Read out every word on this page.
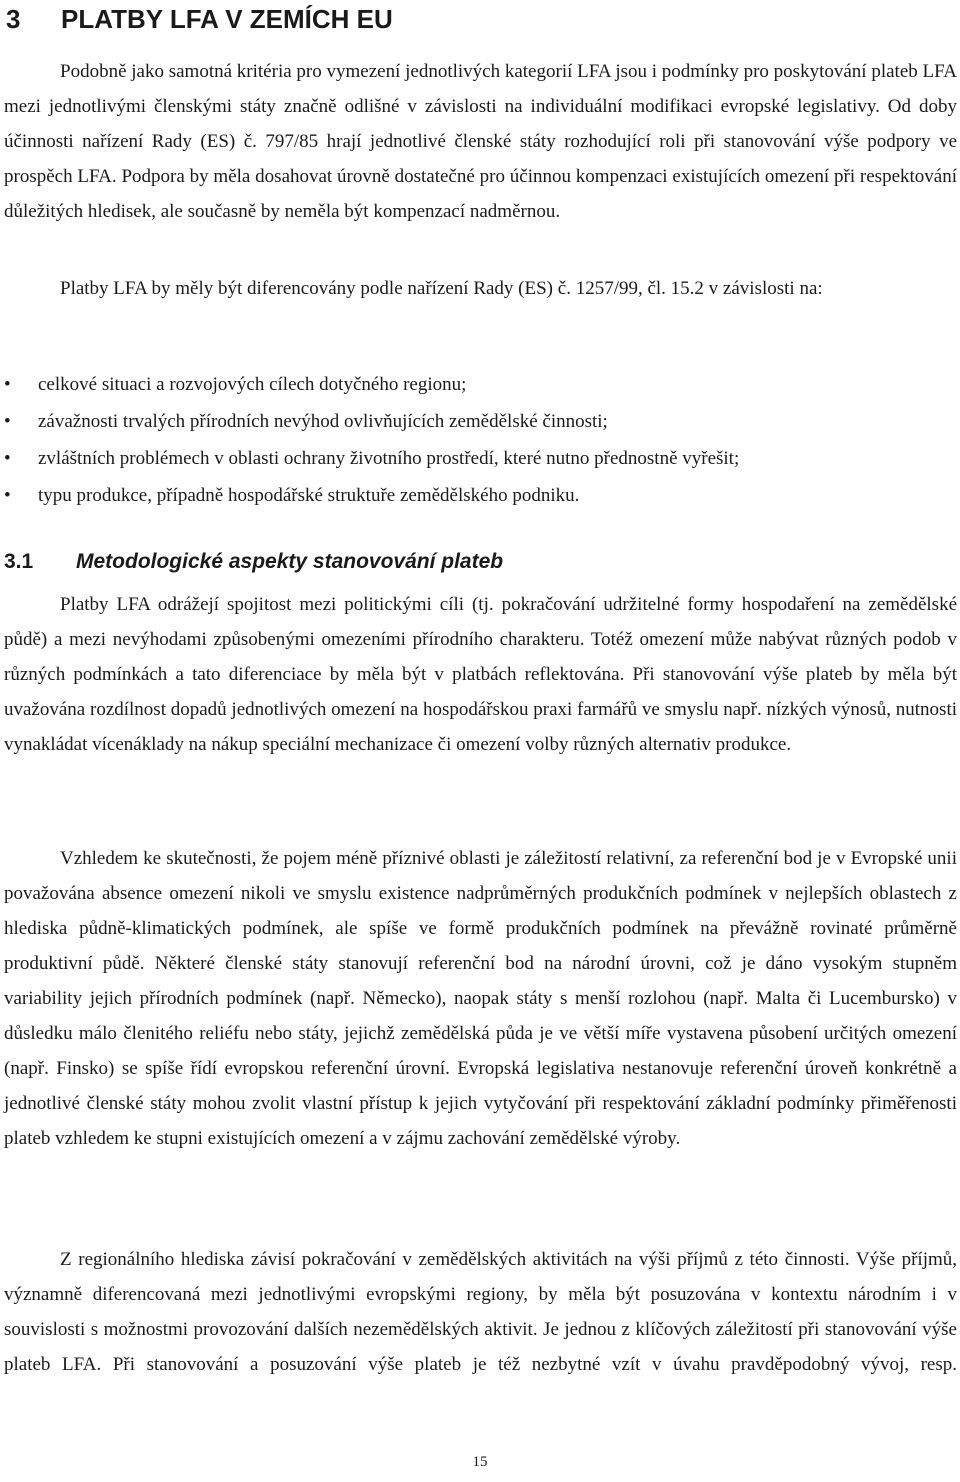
3 PLATBY LFA V ZEMÍCH EU

Podobně jako samotná kritéria pro vymezení jednotlivých kategorií LFA jsou i podmínky pro poskytování plateb LFA mezi jednotlivými členskými státy značně odlišné v závislosti na individuální modifikaci evropské legislativy. Od doby účinnosti nařízení Rady (ES) č. 797/85 hrají jednotlivé členské státy rozhodující roli při stanovování výše podpory ve prospěch LFA. Podpora by měla dosahovat úrovně dostatečné pro účinnou kompenzaci existujících omezení při respektování důležitých hledisek, ale současně by neměla být kompenzací nadměrnou.

Platby LFA by měly být diferencovány podle nařízení Rady (ES) č. 1257/99, čl. 15.2 v závislosti na:

• celkové situaci a rozvojových cílech dotyčného regionu;
• závažnosti trvalých přírodních nevýhod ovlivňujících zemědělské činnosti;
• zvláštních problémech v oblasti ochrany životního prostředí, které nutno přednostně vyřešit;
• typu produkce, případně hospodářské struktuře zemědělského podniku.
3.1 Metodologické aspekty stanovování plateb

Platby LFA odrážejí spojitost mezi politickými cíli (tj. pokračování udržitelné formy hospodaření na zemědělské půdě) a mezi nevýhodami způsobenými omezeními přírodního charakteru. Totéž omezení může nabývat různých podob v různých podmínkách a tato diferenciace by měla být v platbách reflektována. Při stanovování výše plateb by měla být uvažována rozdílnost dopadů jednotlivých omezení na hospodářskou praxi farmářů ve smyslu např. nízkých výnosů, nutnosti vynakládat vícenáklady na nákup speciální mechanizace či omezení volby různých alternativ produkce.

Vzhledem ke skutečnosti, že pojem méně příznivé oblasti je záležitostí relativní, za referenční bod je v Evropské unii považována absence omezení nikoli ve smyslu existence nadprůměrných produkčních podmínek v nejlepších oblastech z hlediska půdně-klimatických podmínek, ale spíše ve formě produkčních podmínek na převážně rovinaté průměrně produktivní půdě. Některé členské státy stanovují referenční bod na národní úrovni, což je dáno vysokým stupněm variability jejich přírodních podmínek (např. Německo), naopak státy s menší rozlohou (např. Malta či Lucembursko) v důsledku málo členitého reliéfu nebo státy, jejichž zemědělská půda je ve větší míře vystavena působení určitých omezení (např. Finsko) se spíše řídí evropskou referenční úrovní. Evropská legislativa nestanovuje referenční úroveň konkrétně a jednotlivé členské státy mohou zvolit vlastní přístup k jejich vytyčování při respektování základní podmínky přiměřenosti plateb vzhledem ke stupni existujících omezení a v zájmu zachování zemědělské výroby.

Z regionálního hlediska závisí pokračování v zemědělských aktivitách na výši příjmů z této činnosti. Výše příjmů, významně diferencovaná mezi jednotlivými evropskými regiony, by měla být posuzována v kontextu národním i v souvislosti s možnostmi provozování dalších nezemědělských aktivit. Je jednou z klíčových záležitostí při stanovování výše plateb LFA. Při stanovování a posuzování výše plateb je též nezbytné vzít v úvahu pravděpodobný vývoj, resp.

15
